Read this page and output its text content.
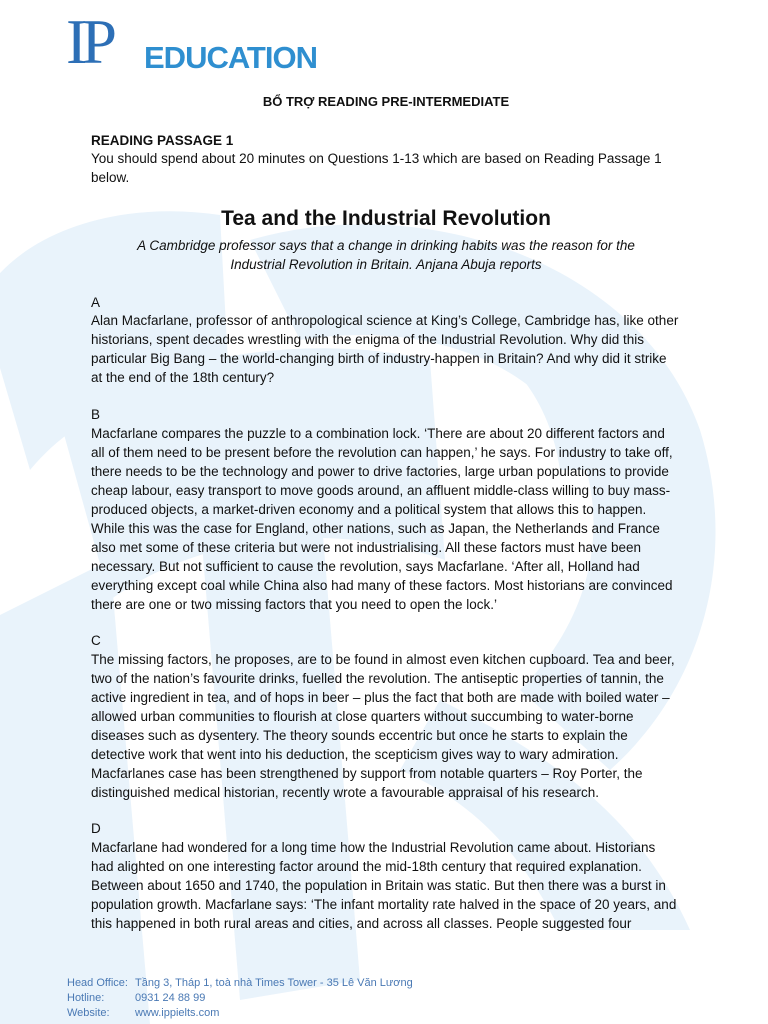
IP EDUCATION
BỔ TRỢ READING PRE-INTERMEDIATE
READING PASSAGE 1
You should spend about 20 minutes on Questions 1-13 which are based on Reading Passage 1 below.
Tea and the Industrial Revolution
A Cambridge professor says that a change in drinking habits was the reason for the Industrial Revolution in Britain. Anjana Abuja reports
A
Alan Macfarlane, professor of anthropological science at King’s College, Cambridge has, like other historians, spent decades wrestling with the enigma of the Industrial Revolution. Why did this particular Big Bang – the world-changing birth of industry-happen in Britain? And why did it strike at the end of the 18th century?
B
Macfarlane compares the puzzle to a combination lock. ‘There are about 20 different factors and all of them need to be present before the revolution can happen,’ he says. For industry to take off, there needs to be the technology and power to drive factories, large urban populations to provide cheap labour, easy transport to move goods around, an affluent middle-class willing to buy mass-produced objects, a market-driven economy and a political system that allows this to happen. While this was the case for England, other nations, such as Japan, the Netherlands and France also met some of these criteria but were not industrialising. All these factors must have been necessary. But not sufficient to cause the revolution, says Macfarlane. ‘After all, Holland had everything except coal while China also had many of these factors. Most historians are convinced there are one or two missing factors that you need to open the lock.’
C
The missing factors, he proposes, are to be found in almost even kitchen cupboard. Tea and beer, two of the nation’s favourite drinks, fuelled the revolution. The antiseptic properties of tannin, the active ingredient in tea, and of hops in beer – plus the fact that both are made with boiled water – allowed urban communities to flourish at close quarters without succumbing to water-borne diseases such as dysentery. The theory sounds eccentric but once he starts to explain the detective work that went into his deduction, the scepticism gives way to wary admiration. Macfarlanes case has been strengthened by support from notable quarters – Roy Porter, the distinguished medical historian, recently wrote a favourable appraisal of his research.
D
Macfarlane had wondered for a long time how the Industrial Revolution came about. Historians had alighted on one interesting factor around the mid-18th century that required explanation. Between about 1650 and 1740, the population in Britain was static. But then there was a burst in population growth. Macfarlane says: ‘The infant mortality rate halved in the space of 20 years, and this happened in both rural areas and cities, and across all classes. People suggested four
Head Office: Tầng 3, Tháp 1, toà nhà Times Tower - 35 Lê Văn Lương
Hotline:	0931 24 88 99
Website:	www.ippielts.com
